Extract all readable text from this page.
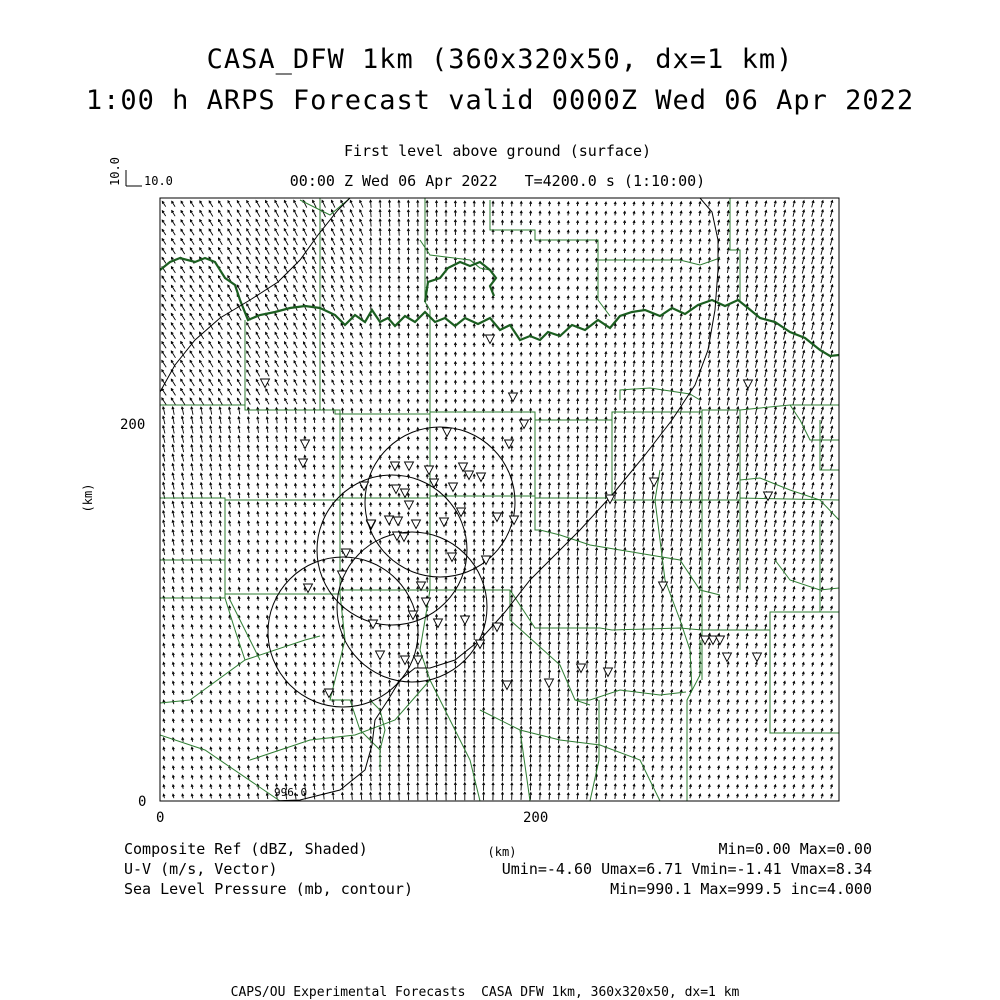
CASA_DFW 1km (360x320x50, dx=1 km)
1:00 h ARPS Forecast valid 0000Z Wed 06 Apr 2022
First level above ground (surface)
00:00 Z Wed 06 Apr 2022   T=4200.0 s (1:10:00)
10.0 10.0
996.0
0	200
0
200
(km)
(km)
Composite Ref (dBZ, Shaded)	Min=0.00 Max=0.00
U-V (m/s, Vector)	Umin=-4.60 Umax=6.71 Vmin=-1.41 Vmax=8.34
Sea Level Pressure (mb, contour)	Min=990.1 Max=999.5 inc=4.000
CAPS/OU Experimental Forecasts  CASA DFW 1km, 360x320x50, dx=1 km
